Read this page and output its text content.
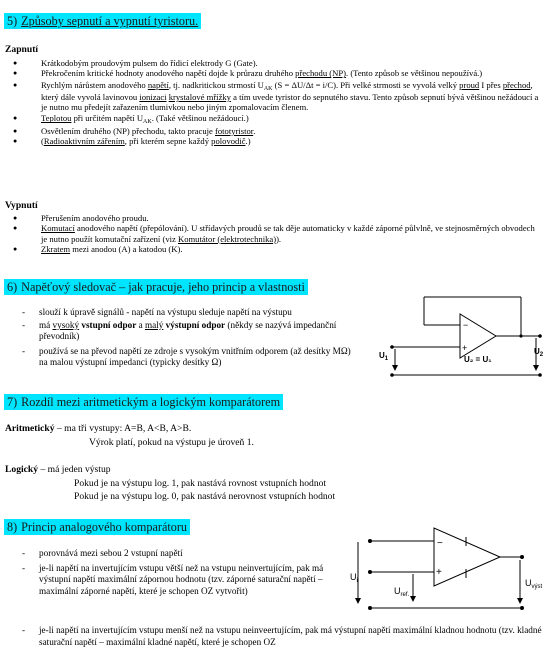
5) Způsoby sepnutí a vypnutí tyristoru.
Zapnutí
●	Krátkodobým proudovým pulsem do řídicí elektrody G (Gate).
●	Překročením kritické hodnoty anodového napětí dojde k průrazu druhého přechodu (NP). (Tento způsob se většinou nepoužívá.)
●	Rychlým nárůstem anodového napětí, tj. nadkritickou strmostí $U_{AK}$ (S = ΔU/Δt = i/C). Při velké strmosti se vyvolá velký proud I přes přechod, který dále vyvolá lavinovou ionizaci krystalové mřížky a tím uvede tyristor do sepnutého stavu. Tento způsob sepnutí bývá většinou nežádoucí a je nutno mu předejít zařazením tlumivkou nebo jiným zpomalovacím členem.
●	Teplotou při určitém napětí $U_{AK}$. (Také většinou nežádoucí.)
●	Osvětlením druhého (NP) přechodu, takto pracuje fototyristor.
●	(Radioaktivním zářením, při kterém sepne každý polovodič.)
Vypnutí
●	Přerušením anodového proudu.
●	Komutací anodového napětí (přepólování). U střídavých proudů se tak děje automaticky v každé záporné půlvlně, ve stejnosměrných obvodech je nutno použít komutační zařízení (viz Komutátor (elektrotechnika)).
●	Zkratem mezi anodou (A) a katodou (K).
6) Napěťový sledovač – jak pracuje, jeho princip a vlastnosti
- slouží k úpravě signálů - napětí na výstupu sleduje napětí na výstupu
- má vysoký vstupní odpor a malý výstupní odpor (někdy se nazývá impedanční převodník)
- používá se na převod napětí ze zdroje s vysokým vnitřním odporem (až desítky MΩ) na malou výstupní impedanci (typicky desítky Ω)
−
+
$U_1$	U₂ = U₁
$U_2$
7) Rozdíl mezi aritmetickým a logickým komparátorem
Aritmetický – ma tři vystupy: A=B, A<B, A>B.
Výrok platí, pokud na výstupu je úroveň 1.
Logický – má jeden výstup
Pokud je na výstupu log. 1, pak nastává rovnost vstupních hodnot
Pokud je na výstupu log. 0, pak nastává nerovnost vstupních hodnot
8) Princip analogového komparátoru
- porovnává mezi sebou 2 vstupní napětí
- je-li napětí na invertujícím vstupu větší než na vstupu neinvertujícím, pak má výstupní napětí maximální zápornou hodnotu (tzv. záporné saturační napětí – maximální záporné napětí, které je schopen OZ vytvořit)
- je-li napětí na invertujícím vstupu menší než na vstupu neinveertujícím, pak má výstupní napětí maximální kladnou hodnotu (tzv. kladné saturační napětí – maximální kladné napětí, které je schopen OZ
−
+
$U_i$
$U_{ref.}$
$U_{výst}$
